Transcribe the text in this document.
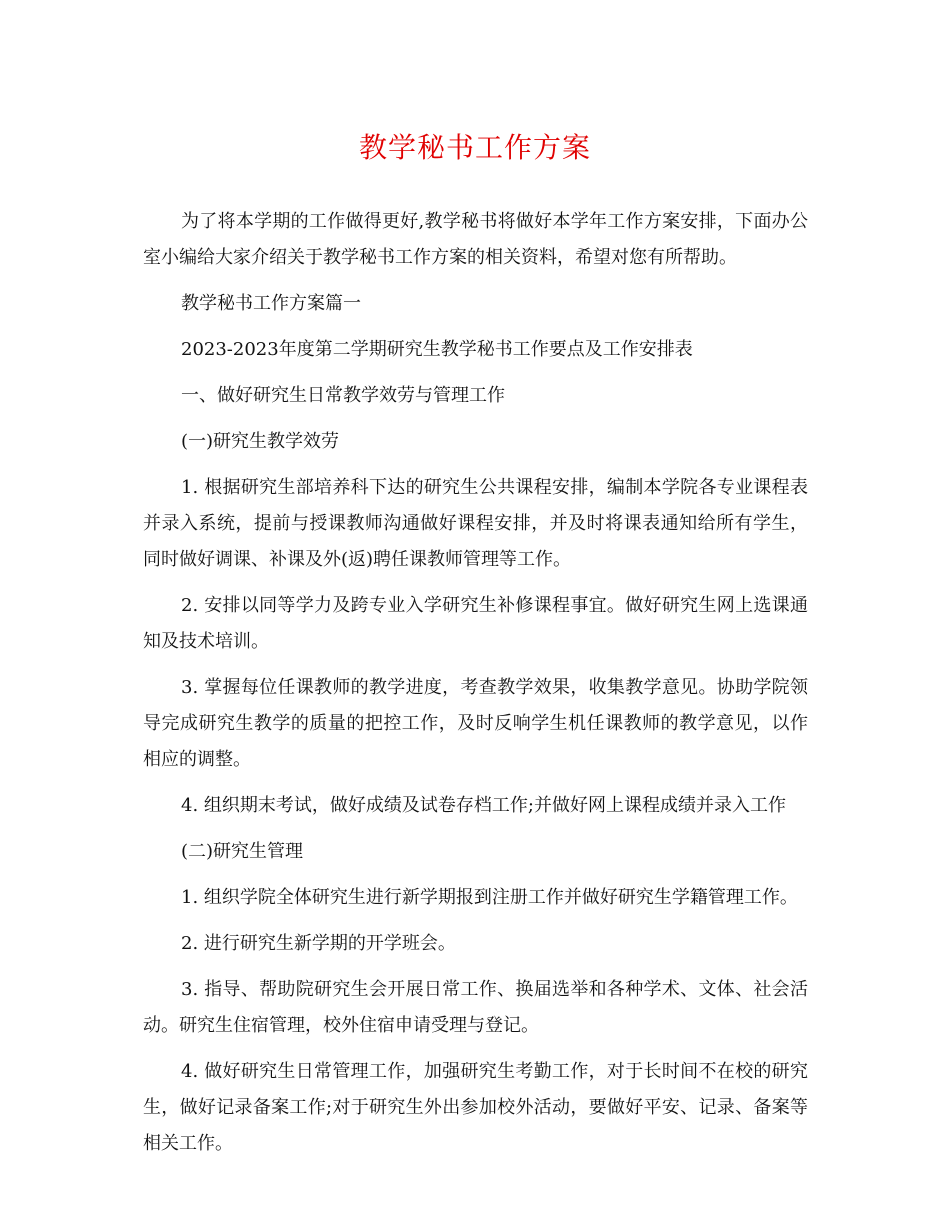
教学秘书工作方案

为了将本学期的工作做得更好,教学秘书将做好本学年工作方案安排，下面办公室小编给大家介绍关于教学秘书工作方案的相关资料，希望对您有所帮助。

教学秘书工作方案篇一

2023-2023年度第二学期研究生教学秘书工作要点及工作安排表

一、做好研究生日常教学效劳与管理工作

(一)研究生教学效劳

1. 根据研究生部培养科下达的研究生公共课程安排，编制本学院各专业课程表并录入系统，提前与授课教师沟通做好课程安排，并及时将课表通知给所有学生，同时做好调课、补课及外(返)聘任课教师管理等工作。

2. 安排以同等学力及跨专业入学研究生补修课程事宜。做好研究生网上选课通知及技术培训。

3. 掌握每位任课教师的教学进度，考查教学效果，收集教学意见。协助学院领导完成研究生教学的质量的把控工作，及时反响学生机任课教师的教学意见，以作相应的调整。

4. 组织期末考试，做好成绩及试卷存档工作;并做好网上课程成绩并录入工作

(二)研究生管理

1. 组织学院全体研究生进行新学期报到注册工作并做好研究生学籍管理工作。

2. 进行研究生新学期的开学班会。

3. 指导、帮助院研究生会开展日常工作、换届选举和各种学术、文体、社会活动。研究生住宿管理，校外住宿申请受理与登记。

4. 做好研究生日常管理工作，加强研究生考勤工作，对于长时间不在校的研究生，做好记录备案工作;对于研究生外出参加校外活动，要做好平安、记录、备案等相关工作。
